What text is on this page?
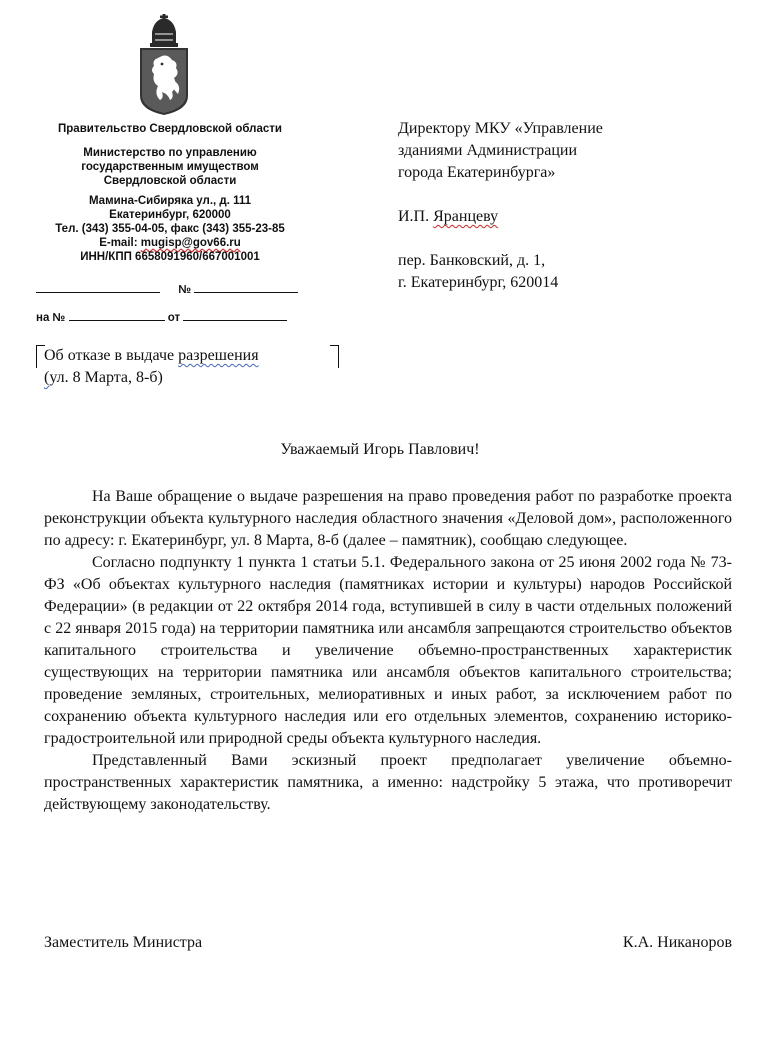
Правительство Свердловской области
Министерство по управлению
государственным имуществом
Свердловской области
Мамина-Сибиряка ул., д. 111
Екатеринбург, 620000
Тел. (343) 355-04-05, факс (343) 355-23-85
E-mail: mugisp@gov66.ru
ИНН/КПП 6658091960/667001001
№
на №	от

Директору МКУ «Управление

зданиями Администрации

города Екатеринбурга»

И.П. Яранцеву

пер. Банковский, д. 1,

г. Екатеринбург, 620014

Об отказе в выдаче разрешения
(ул. 8 Марта, 8-б)
Уважаемый Игорь Павлович!

На Ваше обращение о выдаче разрешения на право проведения работ по разработке проекта реконструкции объекта культурного наследия областного значения «Деловой дом», расположенного по адресу: г. Екатеринбург, ул. 8 Марта, 8-б (далее – памятник), сообщаю следующее.

Согласно подпункту 1 пункта 1 статьи 5.1. Федерального закона от 25 июня 2002 года № 73-ФЗ «Об объектах культурного наследия (памятниках истории и культуры) народов Российской Федерации» (в редакции от 22 октября 2014 года, вступившей в силу в части отдельных положений с 22 января 2015 года) на территории памятника или ансамбля запрещаются строительство объектов капитального строительства и увеличение объемно-пространственных характеристик существующих на территории памятника или ансамбля объектов капитального строительства; проведение земляных, строительных, мелиоративных и иных работ, за исключением работ по сохранению объекта культурного наследия или его отдельных элементов, сохранению историко-градостроительной или природной среды объекта культурного наследия.

Представленный Вами эскизный проект предполагает увеличение объемно-пространственных характеристик памятника, а именно: надстройку 5 этажа, что противоречит действующему законодательству.

Заместитель Министра	К.А. Никаноров
